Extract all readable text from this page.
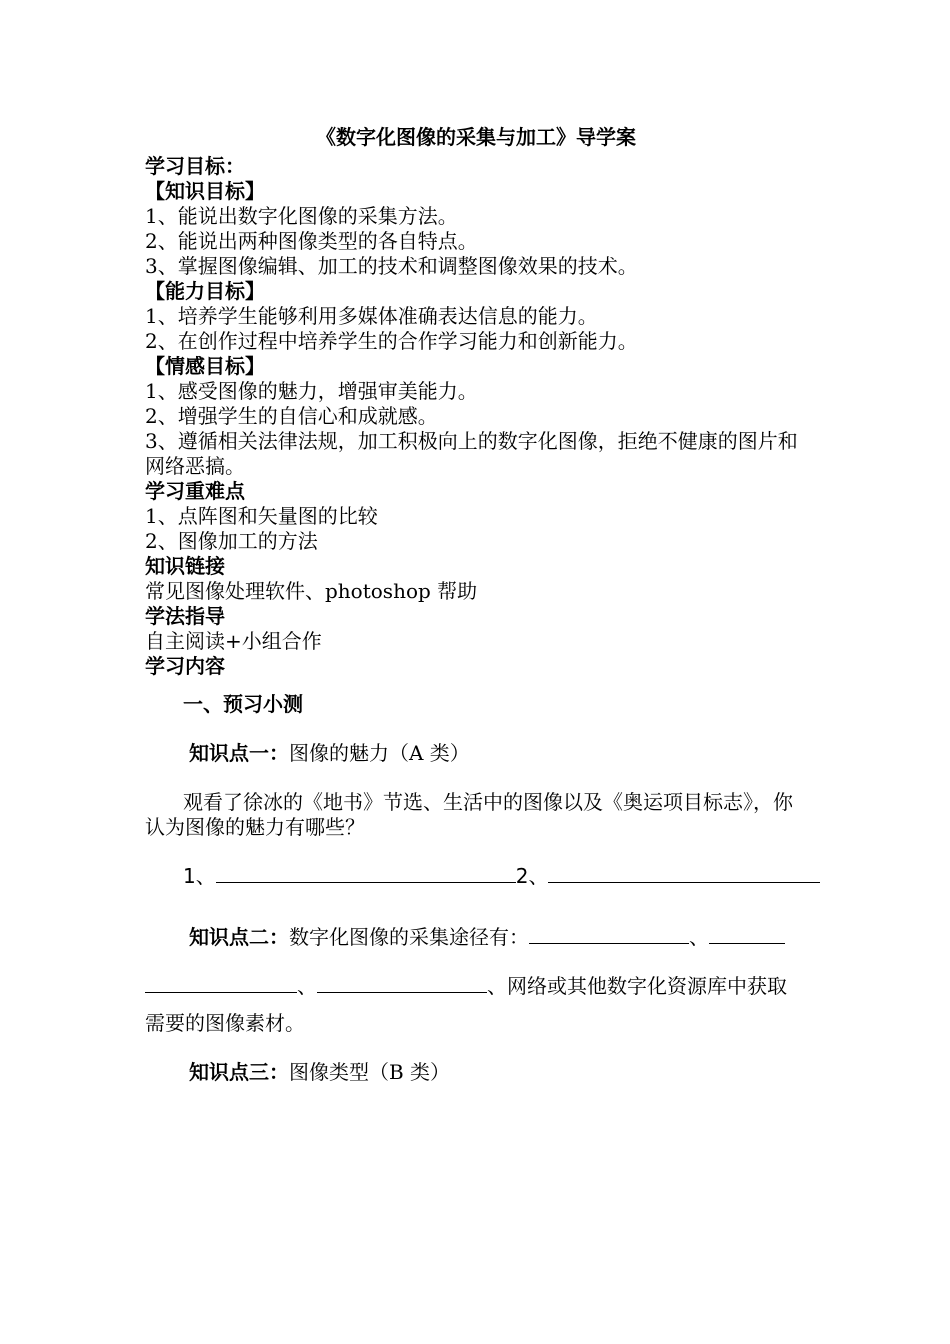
《数字化图像的采集与加工》导学案
学习目标：
【知识目标】
1、能说出数字化图像的采集方法。
2、能说出两种图像类型的各自特点。
3、掌握图像编辑、加工的技术和调整图像效果的技术。
【能力目标】
1、培养学生能够利用多媒体准确表达信息的能力。
2、在创作过程中培养学生的合作学习能力和创新能力。
【情感目标】
1、感受图像的魅力，增强审美能力。
2、增强学生的自信心和成就感。
3、遵循相关法律法规，加工积极向上的数字化图像，拒绝不健康的图片和网络恶搞。
学习重难点
1、点阵图和矢量图的比较
2、图像加工的方法
知识链接
常见图像处理软件、photoshop 帮助
学法指导
自主阅读+小组合作
学习内容
一、预习小测
知识点一：图像的魅力（A 类）
观看了徐冰的《地书》节选、生活中的图像以及《奥运项目标志》，你认为图像的魅力有哪些？
1、	2、
知识点二：数字化图像的采集途径有：	、
、	、网络或其他数字化资源库中获取
需要的图像素材。
知识点三：图像类型（B 类）
